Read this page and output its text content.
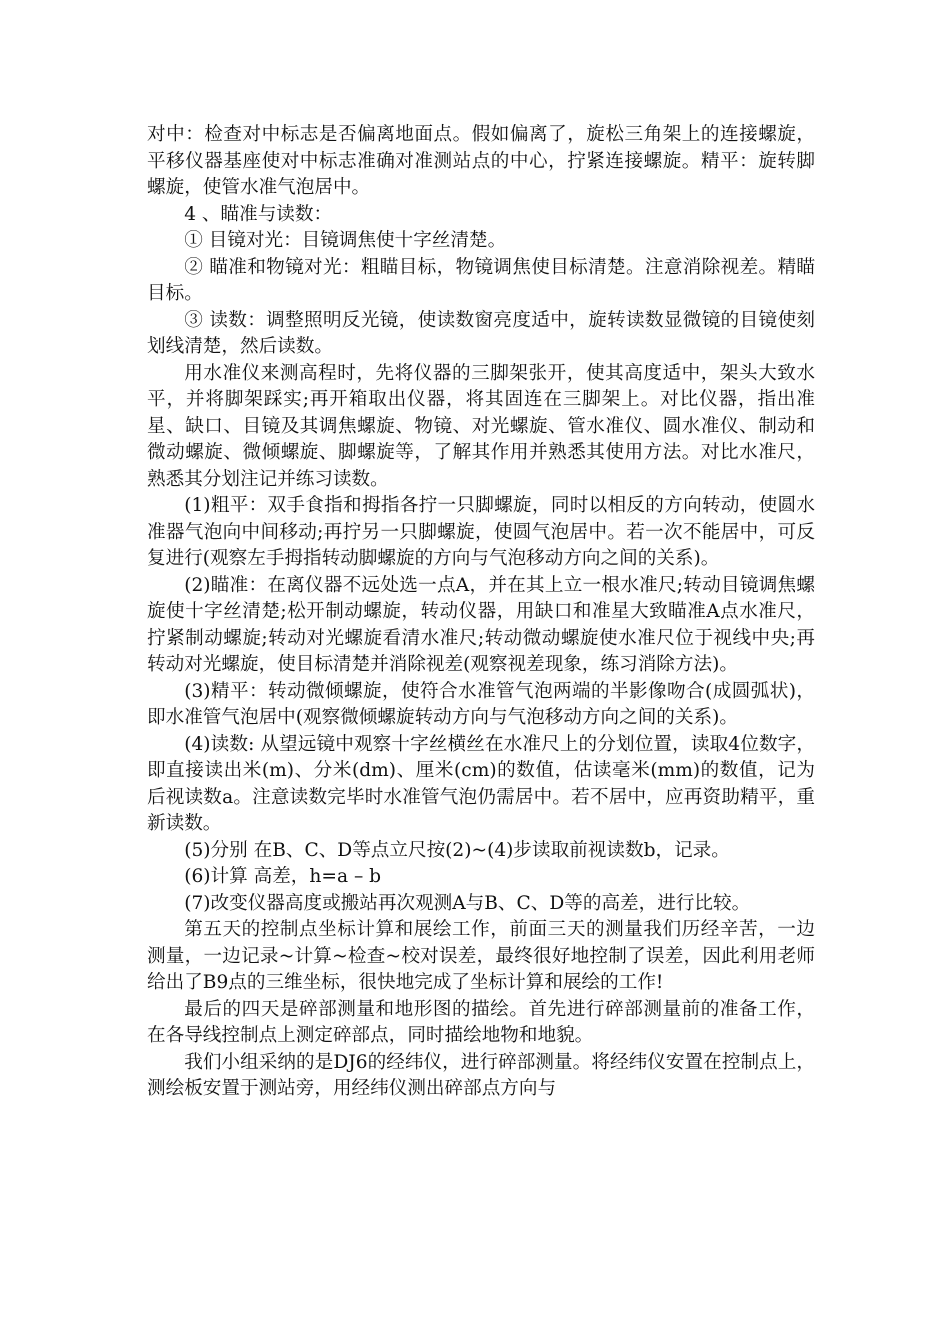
对中：检查对中标志是否偏离地面点。假如偏离了，旋松三角架上的连接螺旋，平移仪器基座使对中标志准确对准测站点的中心，拧紧连接螺旋。精平：旋转脚螺旋，使管水准气泡居中。

4 、瞄准与读数：

① 目镜对光：目镜调焦使十字丝清楚。

② 瞄准和物镜对光：粗瞄目标，物镜调焦使目标清楚。注意消除视差。精瞄目标。

③ 读数：调整照明反光镜，使读数窗亮度适中，旋转读数显微镜的目镜使刻划线清楚，然后读数。

用水准仪来测高程时，先将仪器的三脚架张开，使其高度适中，架头大致水平，并将脚架踩实;再开箱取出仪器，将其固连在三脚架上。对比仪器，指出准星、缺口、目镜及其调焦螺旋、物镜、对光螺旋、管水准仪、圆水准仪、制动和微动螺旋、微倾螺旋、脚螺旋等，了解其作用并熟悉其使用方法。对比水准尺，熟悉其分划注记并练习读数。

(1)粗平：双手食指和拇指各拧一只脚螺旋，同时以相反的方向转动，使圆水准器气泡向中间移动;再拧另一只脚螺旋，使圆气泡居中。若一次不能居中，可反复进行(观察左手拇指转动脚螺旋的方向与气泡移动方向之间的关系)。

(2)瞄准：在离仪器不远处选一点A，并在其上立一根水准尺;转动目镜调焦螺旋使十字丝清楚;松开制动螺旋，转动仪器，用缺口和准星大致瞄准A点水准尺，拧紧制动螺旋;转动对光螺旋看清水准尺;转动微动螺旋使水准尺位于视线中央;再转动对光螺旋，使目标清楚并消除视差(观察视差现象，练习消除方法)。

(3)精平：转动微倾螺旋，使符合水准管气泡两端的半影像吻合(成圆弧状)，即水准管气泡居中(观察微倾螺旋转动方向与气泡移动方向之间的关系)。

(4)读数: 从望远镜中观察十字丝横丝在水准尺上的分划位置，读取4位数字，即直接读出米(m)、分米(dm)、厘米(cm)的数值，估读毫米(mm)的数值，记为后视读数a。注意读数完毕时水准管气泡仍需居中。若不居中，应再资助精平，重新读数。

(5)分别 在B、C、D等点立尺按(2)~(4)步读取前视读数b，记录。

(6)计算 高差，h=a – b

(7)改变仪器高度或搬站再次观测A与B、C、D等的高差，进行比较。

第五天的控制点坐标计算和展绘工作，前面三天的测量我们历经辛苦，一边测量，一边记录~计算~检查~校对误差，最终很好地控制了误差，因此利用老师给出了B9点的三维坐标，很快地完成了坐标计算和展绘的工作!

最后的四天是碎部测量和地形图的描绘。首先进行碎部测量前的准备工作，在各导线控制点上测定碎部点，同时描绘地物和地貌。

我们小组采纳的是DJ6的经纬仪，进行碎部测量。将经纬仪安置在控制点上，测绘板安置于测站旁，用经纬仪测出碎部点方向与
